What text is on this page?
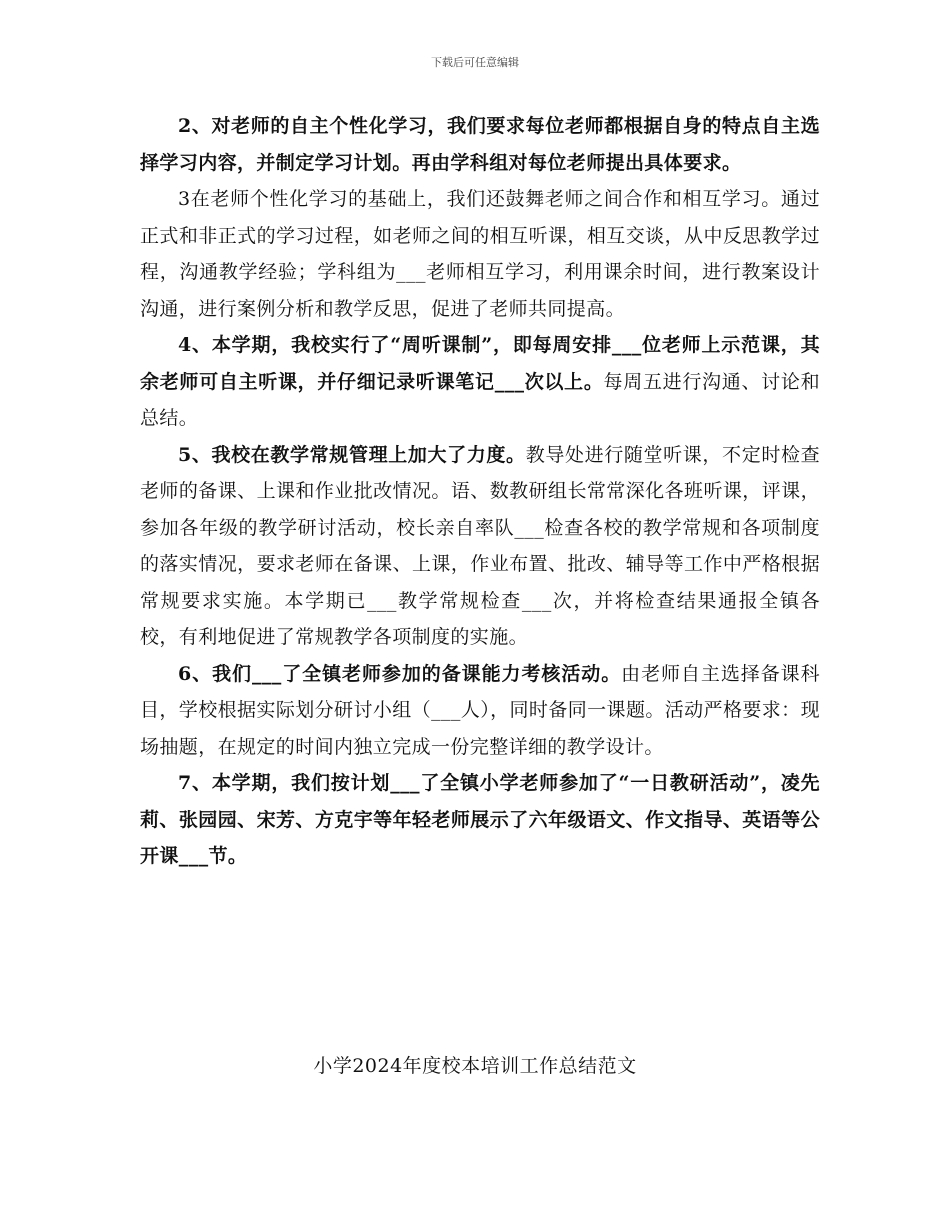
下载后可任意编辑

2、对老师的自主个性化学习，我们要求每位老师都根据自身的特点自主选择学习内容，并制定学习计划。再由学科组对每位老师提出具体要求。

3在老师个性化学习的基础上，我们还鼓舞老师之间合作和相互学习。通过正式和非正式的学习过程，如老师之间的相互听课，相互交谈，从中反思教学过程，沟通教学经验；学科组为___老师相互学习，利用课余时间，进行教案设计沟通，进行案例分析和教学反思，促进了老师共同提高。

4、本学期，我校实行了“周听课制”，即每周安排___位老师上示范课，其余老师可自主听课，并仔细记录听课笔记___次以上。每周五进行沟通、讨论和总结。

5、我校在教学常规管理上加大了力度。教导处进行随堂听课，不定时检查老师的备课、上课和作业批改情况。语、数教研组长常常深化各班听课，评课，参加各年级的教学研讨活动，校长亲自率队___检查各校的教学常规和各项制度的落实情况，要求老师在备课、上课，作业布置、批改、辅导等工作中严格根据常规要求实施。本学期已___教学常规检查___次，并将检查结果通报全镇各校，有利地促进了常规教学各项制度的实施。

6、我们___了全镇老师参加的备课能力考核活动。由老师自主选择备课科目，学校根据实际划分研讨小组（___人），同时备同一课题。活动严格要求：现场抽题，在规定的时间内独立完成一份完整详细的教学设计。

7、本学期，我们按计划___了全镇小学老师参加了“一日教研活动”，凌先莉、张园园、宋芳、方克宇等年轻老师展示了六年级语文、作文指导、英语等公开课___节。

小学2024年度校本培训工作总结范文
